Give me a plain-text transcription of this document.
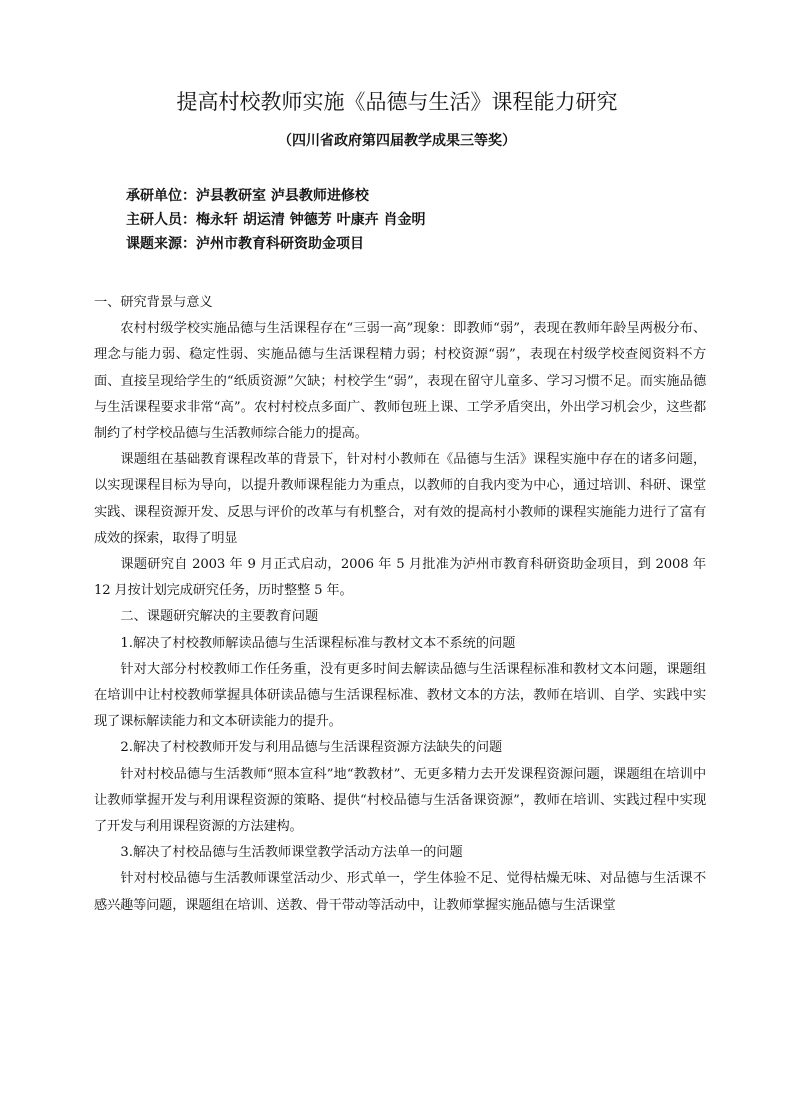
提高村校教师实施《品德与生活》课程能力研究
（四川省政府第四届教学成果三等奖）
承研单位：泸县教研室 泸县教师进修校
主研人员：梅永轩 胡运清 钟德芳 叶康卉 肖金明
课题来源：泸州市教育科研资助金项目

一、研究背景与意义

农村村级学校实施品德与生活课程存在“三弱一高”现象：即教师“弱”，表现在教师年龄呈两极分布、理念与能力弱、稳定性弱、实施品德与生活课程精力弱；村校资源“弱”，表现在村级学校查阅资料不方面、直接呈现给学生的“纸质资源”欠缺；村校学生“弱”，表现在留守儿童多、学习习惯不足。而实施品德与生活课程要求非常“高”。农村村校点多面广、教师包班上课、工学矛盾突出，外出学习机会少，这些都制约了村学校品德与生活教师综合能力的提高。

课题组在基础教育课程改革的背景下，针对村小教师在《品德与生活》课程实施中存在的诸多问题，以实现课程目标为导向，以提升教师课程能力为重点，以教师的自我内变为中心，通过培训、科研、课堂实践、课程资源开发、反思与评价的改革与有机整合，对有效的提高村小教师的课程实施能力进行了富有成效的探索，取得了明显

课题研究自 2003 年 9 月正式启动，2006 年 5 月批准为泸州市教育科研资助金项目，到 2008 年 12 月按计划完成研究任务，历时整整 5 年。

二、课题研究解决的主要教育问题

1.解决了村校教师解读品德与生活课程标准与教材文本不系统的问题

针对大部分村校教师工作任务重，没有更多时间去解读品德与生活课程标准和教材文本问题，课题组在培训中让村校教师掌握具体研读品德与生活课程标准、教材文本的方法，教师在培训、自学、实践中实现了课标解读能力和文本研读能力的提升。

2.解决了村校教师开发与利用品德与生活课程资源方法缺失的问题

针对村校品德与生活教师“照本宣科”地“教教材”、无更多精力去开发课程资源问题，课题组在培训中让教师掌握开发与利用课程资源的策略、提供“村校品德与生活备课资源”，教师在培训、实践过程中实现了开发与利用课程资源的方法建构。

3.解决了村校品德与生活教师课堂教学活动方法单一的问题

针对村校品德与生活教师课堂活动少、形式单一，学生体验不足、觉得枯燥无味、对品德与生活课不感兴趣等问题，课题组在培训、送教、骨干带动等活动中，让教师掌握实施品德与生活课堂
